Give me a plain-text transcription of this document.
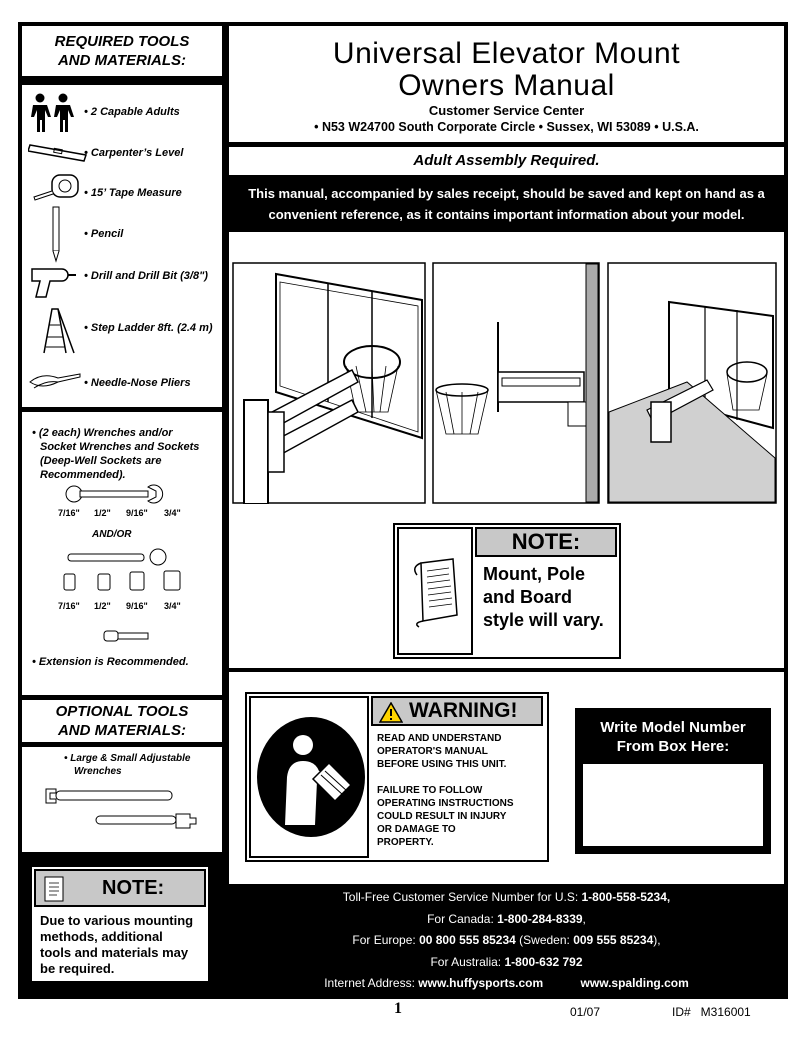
REQUIRED TOOLS
AND MATERIALS:
• 2 Capable Adults
• Carpenter’s Level
• 15’ Tape Measure
• Pencil
• Drill and Drill Bit (3/8")
• Step Ladder 8ft. (2.4 m)
• Needle-Nose Pliers
• (2 each) Wrenches and/or
Socket Wrenches and Sockets
(Deep-Well Sockets are
Recommended).
7/16" 1/2" 9/16" 3/4"
AND/OR
7/16" 1/2" 9/16" 3/4"
• Extension is Recommended.
OPTIONAL TOOLS
AND MATERIALS:
• Large & Small Adjustable
Wrenches
NOTE:
Due to various mounting
methods, additional
tools and materials may
be required.
Universal Elevator Mount
Owners Manual
Customer Service Center
• N53 W24700 South Corporate Circle • Sussex, WI 53089 • U.S.A.
Adult Assembly Required.
This manual, accompanied by sales receipt, should be saved and kept on hand as a
convenient reference, as it contains important information about your model.
NOTE:
Mount, Pole
and Board
style will vary.
WARNING!
READ AND UNDERSTAND
OPERATOR'S MANUAL
BEFORE USING THIS UNIT.
FAILURE TO FOLLOW
OPERATING INSTRUCTIONS
COULD RESULT IN INJURY
OR DAMAGE TO
PROPERTY.
Write Model Number
From Box Here:
Toll-Free Customer Service Number for U.S: 1-800-558-5234,
For Canada: 1-800-284-8339,
For Europe: 00 800 555 85234 (Sweden: 009 555 85234),
For Australia: 1-800-632 792
Internet Address: www.huffysports.com	www.spalding.com
1	01/07	ID#   M316001
